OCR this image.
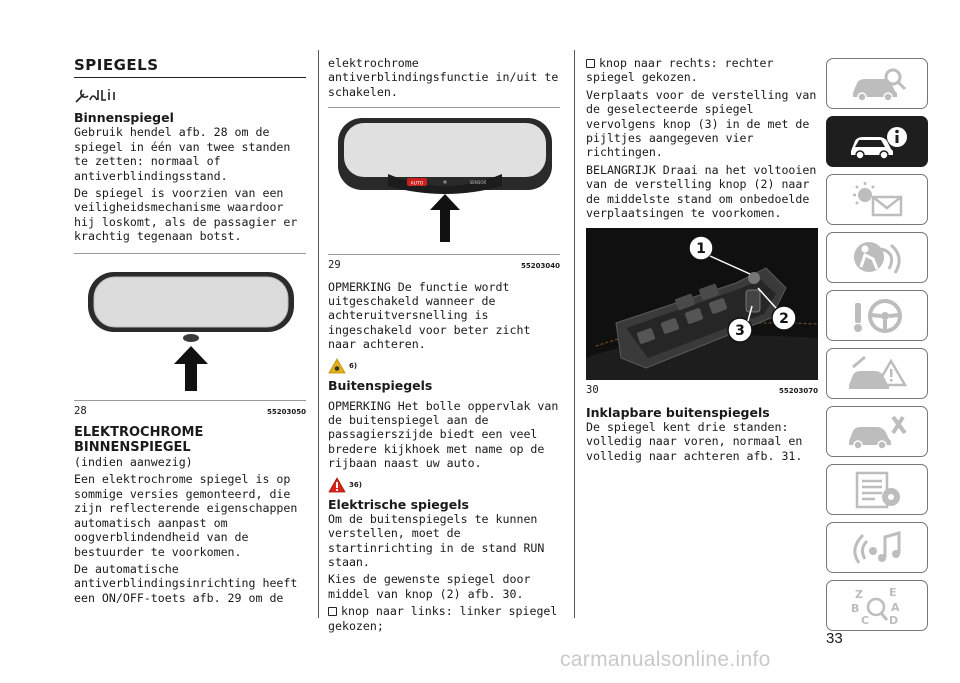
SPIEGELS
Binnenspiegel

Gebruik hendel afb. 28 om de spiegel in één van twee standen te zetten: normaal of antiverblindingsstand.

De spiegel is voorzien van een veiligheidsmechanisme waardoor hij loskomt, als de passagier er krachtig tegenaan botst.

28	55203050
ELEKTROCHROME BINNENSPIEGEL

(indien aanwezig)

Een elektrochrome spiegel is op sommige versies gemonteerd, die zijn reflecterende eigenschappen automatisch aanpast om oogverblindendheid van de bestuurder te voorkomen.

De automatische antiverblindingsinrichting heeft een ON/OFF-toets afb. 29 om de

elektrochrome antiverblindingsfunctie in/uit te schakelen.

AUTO	SENSOR
29	55203040

OPMERKING De functie wordt uitgeschakeld wanneer de achteruitversnelling is ingeschakeld voor beter zicht naar achteren.

6)
Buitenspiegels

OPMERKING Het bolle oppervlak van de buitenspiegel aan de passagierszijde biedt een veel bredere kijkhoek met name op de rijbaan naast uw auto.

36)
Elektrische spiegels

Om de buitenspiegels te kunnen verstellen, moet de startinrichting in de stand RUN staan.

Kies de gewenste spiegel door middel van knop (2) afb. 30.

knop naar links: linker spiegel gekozen;

knop naar rechts: rechter spiegel gekozen.

Verplaats voor de verstelling van de geselecteerde spiegel vervolgens knop (3) in de met de pijltjes aangegeven vier richtingen.

BELANGRIJK Draai na het voltooien van de verstelling knop (2) naar de middelste stand om onbedoelde verplaatsingen te voorkomen.

1
2
3
30	55203070
Inklapbare buitenspiegels

De spiegel kent drie standen: volledig naar voren, normaal en volledig naar achteren afb. 31.

Z E
B	A
C D
33
carmanualsonline.info
